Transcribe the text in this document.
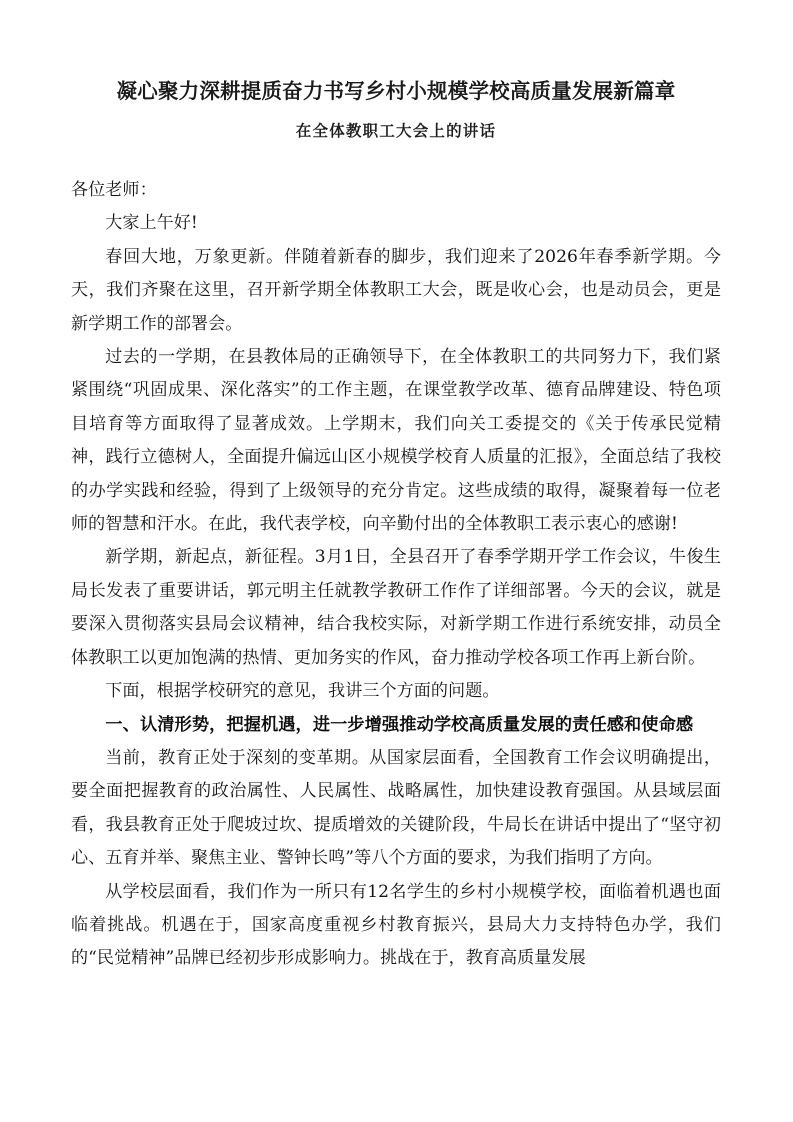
凝心聚力深耕提质奋力书写乡村小规模学校高质量发展新篇章
在全体教职工大会上的讲话

各位老师：

大家上午好!

春回大地，万象更新。伴随着新春的脚步，我们迎来了2026年春季新学期。今天，我们齐聚在这里，召开新学期全体教职工大会，既是收心会，也是动员会，更是新学期工作的部署会。

过去的一学期，在县教体局的正确领导下，在全体教职工的共同努力下，我们紧紧围绕“巩固成果、深化落实”的工作主题，在课堂教学改革、德育品牌建设、特色项目培育等方面取得了显著成效。上学期末，我们向关工委提交的《关于传承民觉精神，践行立德树人，全面提升偏远山区小规模学校育人质量的汇报》，全面总结了我校的办学实践和经验，得到了上级领导的充分肯定。这些成绩的取得，凝聚着每一位老师的智慧和汗水。在此，我代表学校，向辛勤付出的全体教职工表示衷心的感谢!

新学期，新起点，新征程。3月1日，全县召开了春季学期开学工作会议，牛俊生局长发表了重要讲话，郭元明主任就教学教研工作作了详细部署。今天的会议，就是要深入贯彻落实县局会议精神，结合我校实际，对新学期工作进行系统安排，动员全体教职工以更加饱满的热情、更加务实的作风，奋力推动学校各项工作再上新台阶。

下面，根据学校研究的意见，我讲三个方面的问题。

一、认清形势，把握机遇，进一步增强推动学校高质量发展的责任感和使命感

当前，教育正处于深刻的变革期。从国家层面看，全国教育工作会议明确提出，要全面把握教育的政治属性、人民属性、战略属性，加快建设教育强国。从县域层面看，我县教育正处于爬坡过坎、提质增效的关键阶段，牛局长在讲话中提出了“坚守初心、五育并举、聚焦主业、警钟长鸣”等八个方面的要求，为我们指明了方向。

从学校层面看，我们作为一所只有12名学生的乡村小规模学校，面临着机遇也面临着挑战。机遇在于，国家高度重视乡村教育振兴，县局大力支持特色办学，我们的“民觉精神”品牌已经初步形成影响力。挑战在于，教育高质量发展
